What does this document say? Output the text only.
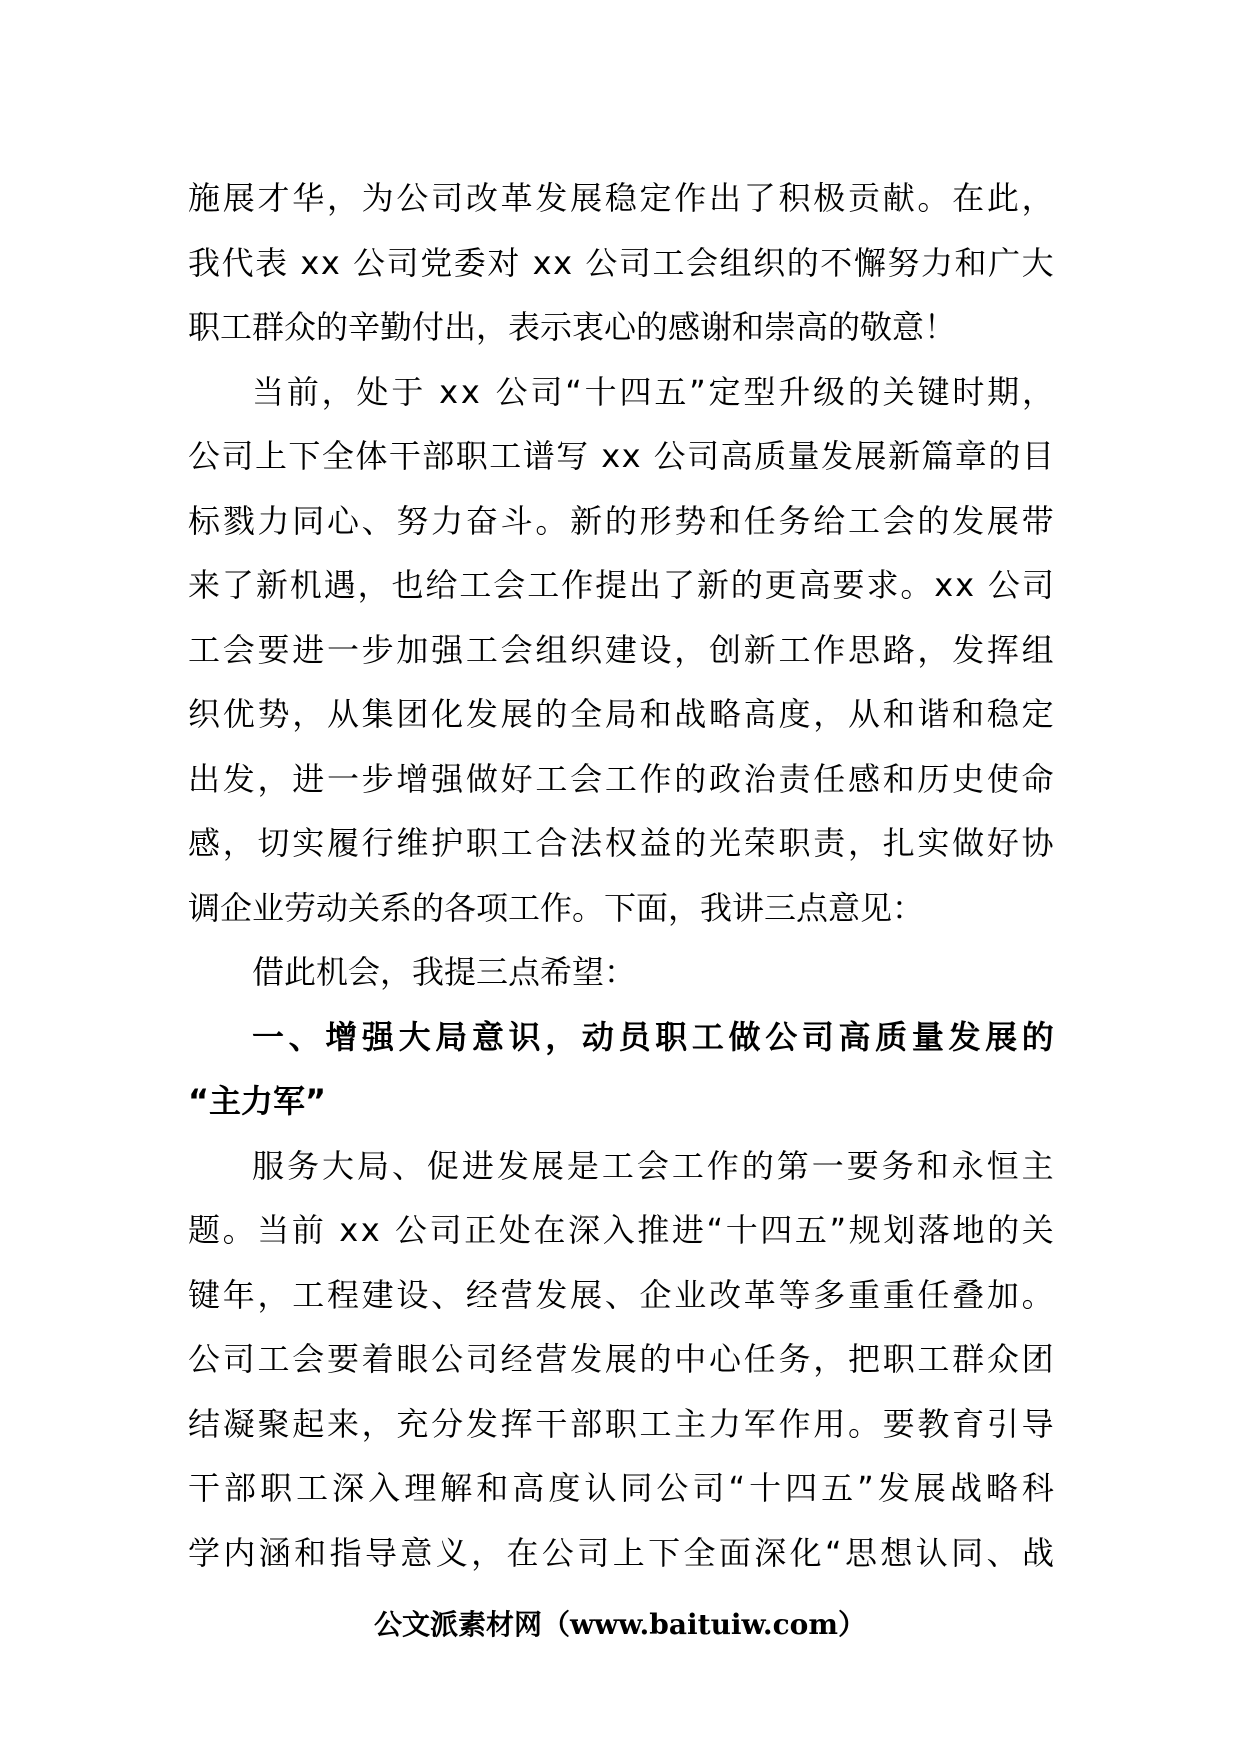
施 展 才 华 ， 为 公 司 改 革 发 展 稳 定 作 出 了 积 极 贡 献 。 在 此 ，
我 代 表
x x
公 司 党 委 对
x x
公 司 工 会 组 织 的 不 懈 努 力 和 广 大
职工群众的辛勤付出，表示衷心的感谢和崇高的敬意！
当 前 ， 处 于
x x
公 司 “ 十 四 五 ” 定 型 升 级 的 关 键 时 期 ，
公 司 上 下 全 体 干 部 职 工 谱 写
x x
公 司 高 质 量 发 展 新 篇 章 的 目
标 戮 力 同 心 、 努 力 奋 斗 。 新 的 形 势 和 任 务 给 工 会 的 发 展 带
来 了 新 机 遇 ， 也 给 工 会 工 作 提 出 了 新 的 更 高 要 求 。 x x
公 司
工 会 要 进 一 步 加 强 工 会 组 织 建 设 ， 创 新 工 作 思 路 ， 发 挥 组
织 优 势 ， 从 集 团 化 发 展 的 全 局 和 战 略 高 度 ， 从 和 谐 和 稳 定
出 发 ， 进 一 步 增 强 做 好 工 会 工 作 的 政 治 责 任 感 和 历 史 使 命
感 ， 切 实 履 行 维 护 职 工 合 法 权 益 的 光 荣 职 责 ， 扎 实 做 好 协
调企业劳动关系的各项工作。下面，我讲三点意见：
借此机会，我提三点希望：
一 、 增 强 大 局 意 识 ， 动 员 职 工 做 公 司 高 质 量 发 展 的
“主力军”
服 务 大 局 、 促 进 发 展 是 工 会 工 作 的 第 一 要 务 和 永 恒 主
题 。 当 前
x x
公 司 正 处 在 深 入 推 进 “ 十 四 五 ” 规 划 落 地 的 关
键 年 ， 工 程 建 设 、 经 营 发 展 、 企 业 改 革 等 多 重 重 任 叠 加 。
公 司 工 会 要 着 眼 公 司 经 营 发 展 的 中 心 任 务 ， 把 职 工 群 众 团
结 凝 聚 起 来 ， 充 分 发 挥 干 部 职 工 主 力 军 作 用 。 要 教 育 引 导
干 部 职 工 深 入 理 解 和 高 度 认 同 公 司 “ 十 四 五 ” 发 展 战 略 科
学 内 涵 和 指 导 意 义 ， 在 公 司 上 下 全 面 深 化 “ 思 想 认 同 、 战
公文派素材网（www.baituiw.com）
